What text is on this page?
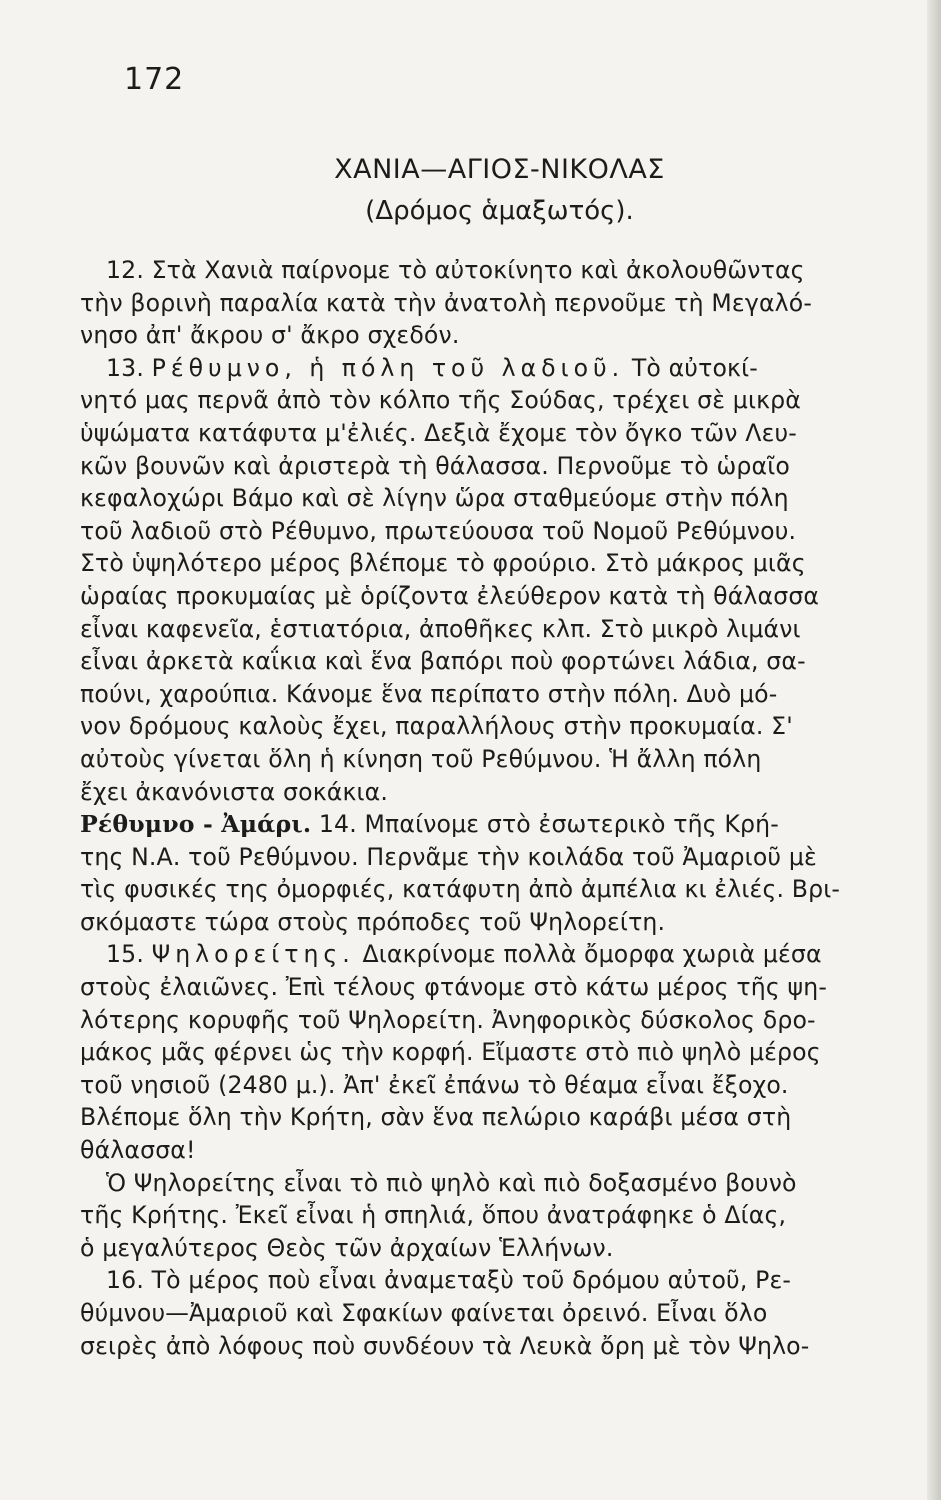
172
ΧΑΝΙΑ—ΑΓΙΟΣ-ΝΙΚΟΛΑΣ
(Δρόμος ἁμαξωτός).
12. Στὰ Χανιὰ παίρνομε τὸ αὐτοκίνητο καὶ ἀκολουθῶντας
τὴν βορινὴ παραλία κατὰ τὴν ἀνατολὴ περνοῦμε τὴ Μεγαλό-
νησο ἀπ' ἄκρου σ' ἄκρο σχεδόν.
13. Ρέθυμνο, ἡ πόλη τοῦ λαδιοῦ. Τὸ αὐτοκί-
νητό μας περνᾶ ἀπὸ τὸν κόλπο τῆς Σούδας, τρέχει σὲ μικρὰ
ὑψώματα κατάφυτα μ'ἐλιές. Δεξιὰ ἔχομε τὸν ὄγκο τῶν Λευ-
κῶν βουνῶν καὶ ἀριστερὰ τὴ θάλασσα. Περνοῦμε τὸ ὡραῖο
κεφαλοχώρι Βάμο καὶ σὲ λίγην ὥρα σταθμεύομε στὴν πόλη
τοῦ λαδιοῦ στὸ Ρέθυμνο, πρωτεύουσα τοῦ Νομοῦ Ρεθύμνου.
Στὸ ὑψηλότερο μέρος βλέπομε τὸ φρούριο. Στὸ μάκρος μιᾶς
ὡραίας προκυμαίας μὲ ὁρίζοντα ἐλεύθερον κατὰ τὴ θάλασσα
εἶναι καφενεῖα, ἑστιατόρια, ἀποθῆκες κλπ. Στὸ μικρὸ λιμάνι
εἶναι ἀρκετὰ καΐκια καὶ ἕνα βαπόρι ποὺ φορτώνει λάδια, σα-
πούνι, χαρούπια. Κάνομε ἕνα περίπατο στὴν πόλη. Δυὸ μό-
νον δρόμους καλοὺς ἔχει, παραλλήλους στὴν προκυμαία. Σ'
αὐτοὺς γίνεται ὅλη ἡ κίνηση τοῦ Ρεθύμνου. Ἡ ἄλλη πόλη
ἔχει ἀκανόνιστα σοκάκια.
Ρέθυμνο - Ἀμάρι. 14. Μπαίνομε στὸ ἐσωτερικὸ τῆς Κρή-
της Ν.Α. τοῦ Ρεθύμνου. Περνᾶμε τὴν κοιλάδα τοῦ Ἀμαριοῦ μὲ
τὶς φυσικές της ὀμορφιές, κατάφυτη ἀπὸ ἀμπέλια κι ἐλιές. Βρι-
σκόμαστε τώρα στοὺς πρόποδες τοῦ Ψηλορείτη.
15. Ψηλορείτης. Διακρίνομε πολλὰ ὄμορφα χωριὰ μέσα
στοὺς ἐλαιῶνες. Ἐπὶ τέλους φτάνομε στὸ κάτω μέρος τῆς ψη-
λότερης κορυφῆς τοῦ Ψηλορείτη. Ἀνηφορικὸς δύσκολος δρο-
μάκος μᾶς φέρνει ὡς τὴν κορφή. Εἴμαστε στὸ πιὸ ψηλὸ μέρος
τοῦ νησιοῦ (2480 μ.). Ἀπ' ἐκεῖ ἐπάνω τὸ θέαμα εἶναι ἔξοχο.
Βλέπομε ὅλη τὴν Κρήτη, σὰν ἕνα πελώριο καράβι μέσα στὴ
θάλασσα!
Ὁ Ψηλορείτης εἶναι τὸ πιὸ ψηλὸ καὶ πιὸ δοξασμένο βουνὸ
τῆς Κρήτης. Ἐκεῖ εἶναι ἡ σπηλιά, ὅπου ἀνατράφηκε ὁ Δίας,
ὁ μεγαλύτερος Θεὸς τῶν ἀρχαίων Ἑλλήνων.
16. Τὸ μέρος ποὺ εἶναι ἀναμεταξὺ τοῦ δρόμου αὐτοῦ, Ρε-
θύμνου—Ἀμαριοῦ καὶ Σφακίων φαίνεται ὀρεινό. Εἶναι ὅλο
σειρὲς ἀπὸ λόφους ποὺ συνδέουν τὰ Λευκὰ ὄρη μὲ τὸν Ψηλο-
